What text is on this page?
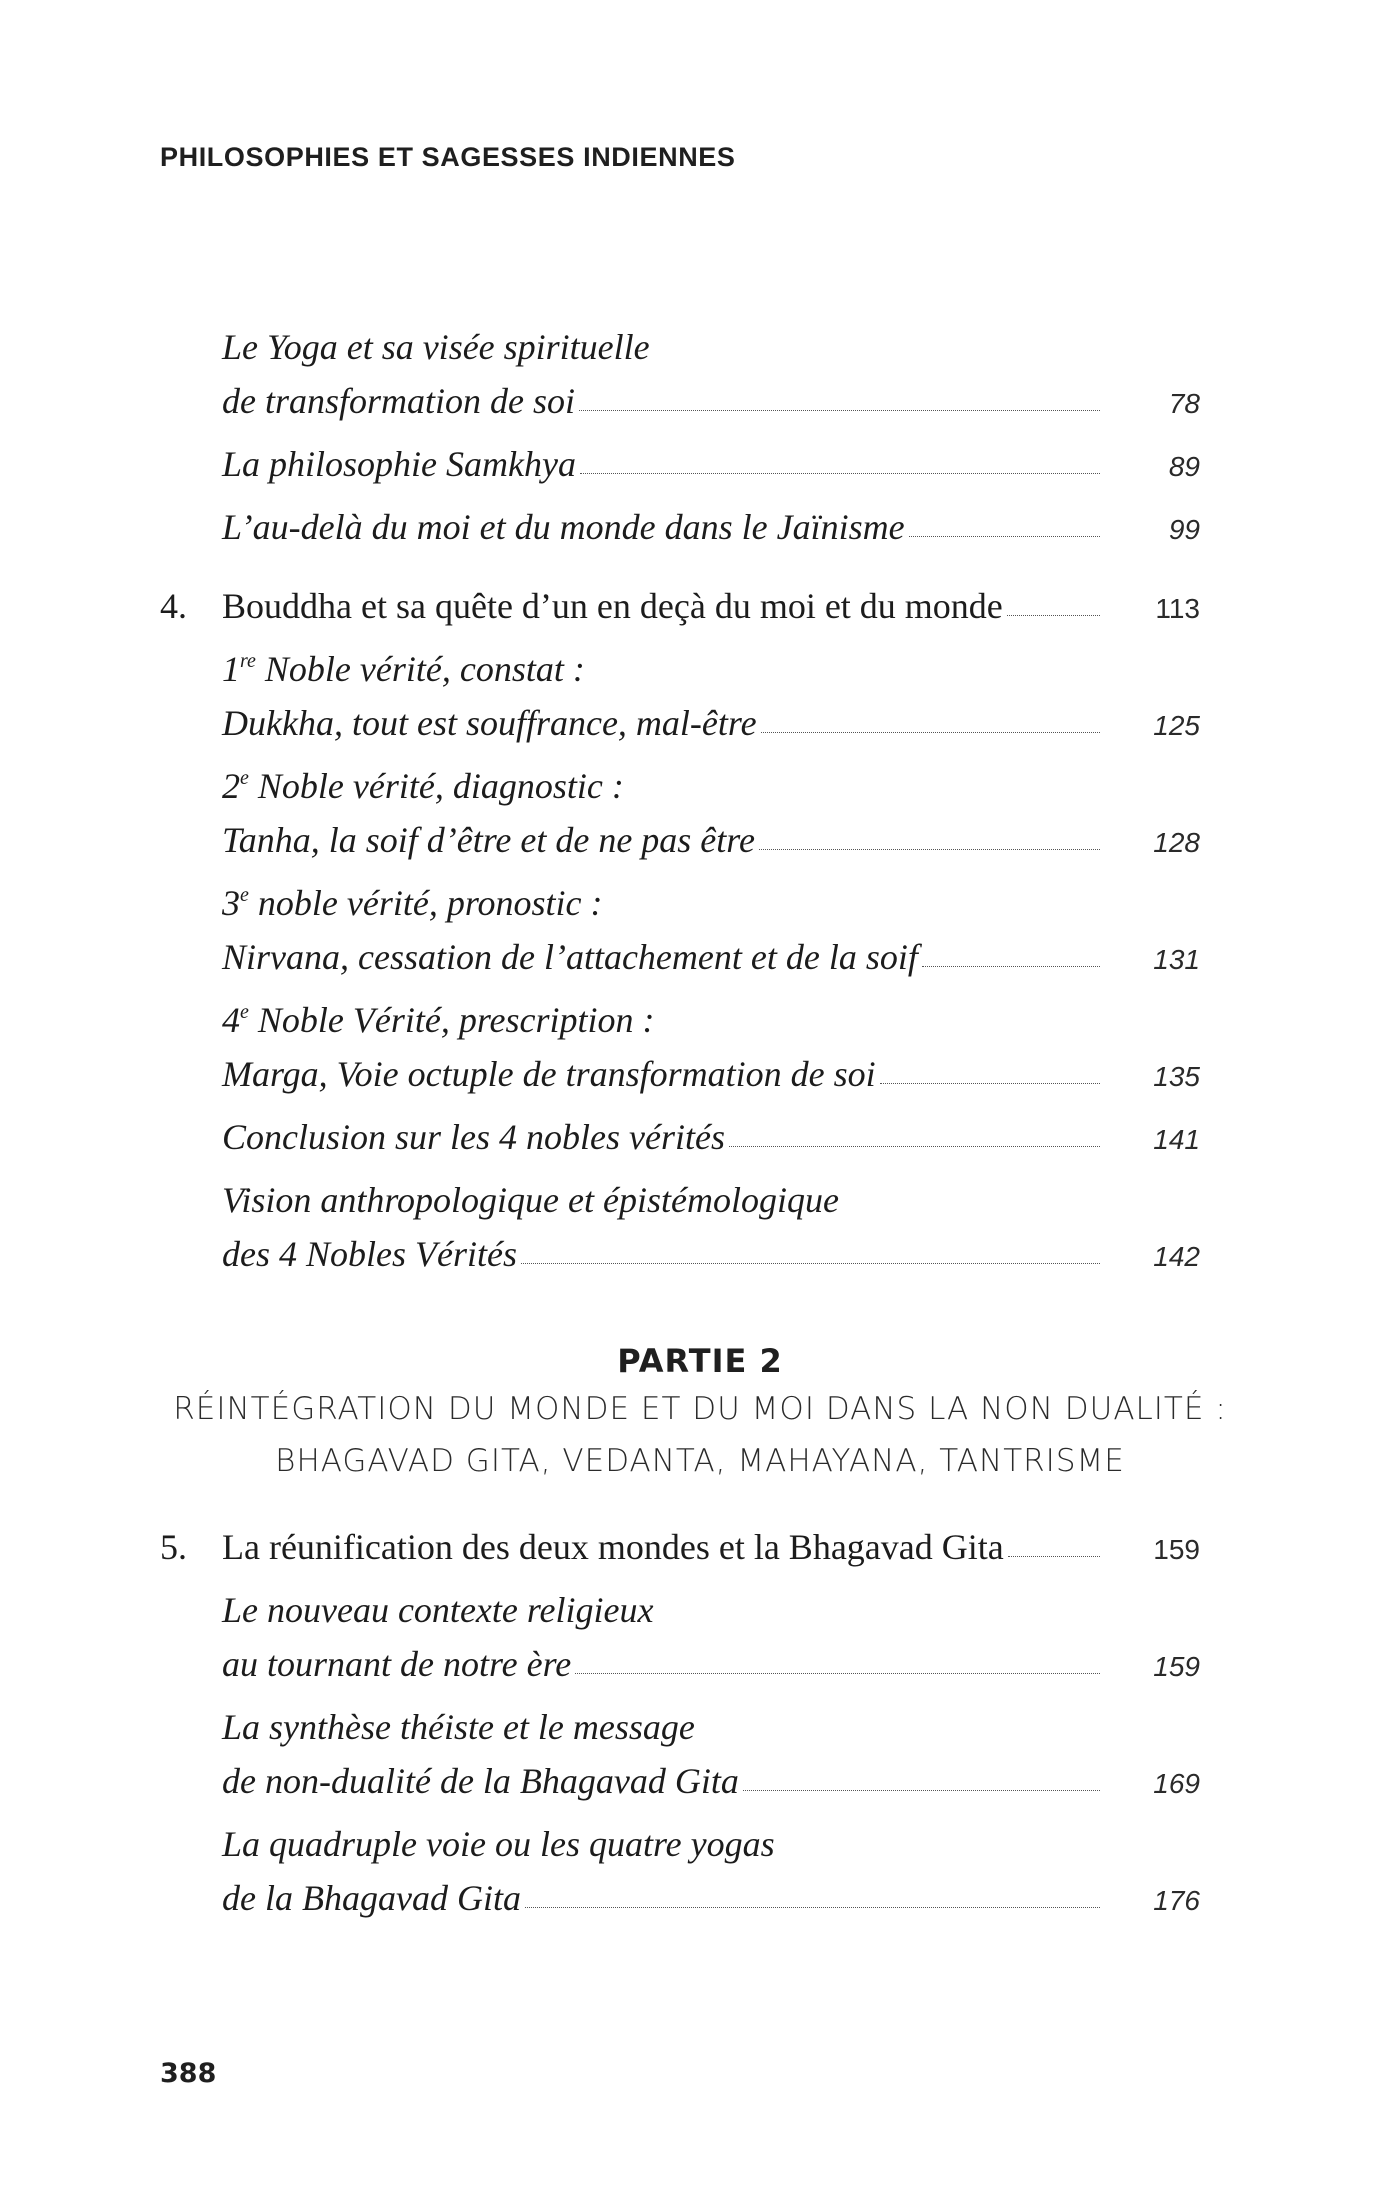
PHILOSOPHIES ET SAGESSES INDIENNES
Le Yoga et sa visée spirituelle
de transformation de soi	78
La philosophie Samkhya	89
L’au-delà du moi et du monde dans le Jaïnisme	99
4. Bouddha et sa quête d’un en deçà du moi et du monde	113
1re Noble vérité, constat :
Dukkha, tout est souffrance, mal-être	125
2e Noble vérité, diagnostic :
Tanha, la soif d’être et de ne pas être	128
3e noble vérité, pronostic :
Nirvana, cessation de l’attachement et de la soif	131
4e Noble Vérité, prescription :
Marga, Voie octuple de transformation de soi	135
Conclusion sur les 4 nobles vérités	141
Vision anthropologique et épistémologique
des 4 Nobles Vérités	142
PARTIE 2
RÉINTÉGRATION DU MONDE ET DU MOI DANS LA NON DUALITÉ :
BHAGAVAD GITA, VEDANTA, MAHAYANA, TANTRISME
5. La réunification des deux mondes et la Bhagavad Gita	159
Le nouveau contexte religieux
au tournant de notre ère	159
La synthèse théiste et le message
de non-dualité de la Bhagavad Gita	169
La quadruple voie ou les quatre yogas
de la Bhagavad Gita	176
388
